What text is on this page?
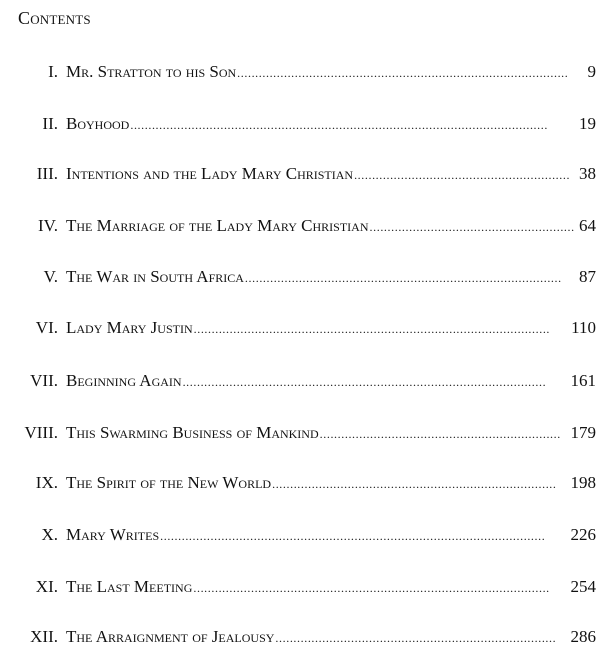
Contents
I. Mr. Stratton to his Son ............................................................................................	9
II. Boyhood ....................................................................................................................	19
III. Intentions and the Lady Mary Christian ............................................................ 38
IV. The Marriage of the Lady Mary Christian ......................................................... 64
V. The War in South Africa ........................................................................................	87
VI. Lady Mary Justin ...................................................................................................	110
VII. Beginning Again .....................................................................................................	161
VIII. This Swarming Business of Mankind ................................................................... 179
IX. The Spirit of the New World ............................................................................... 198
X. Mary Writes ...........................................................................................................	226
XI. The Last Meeting ...................................................................................................	254
XII. The Arraignment of Jealousy .............................................................................. 286
